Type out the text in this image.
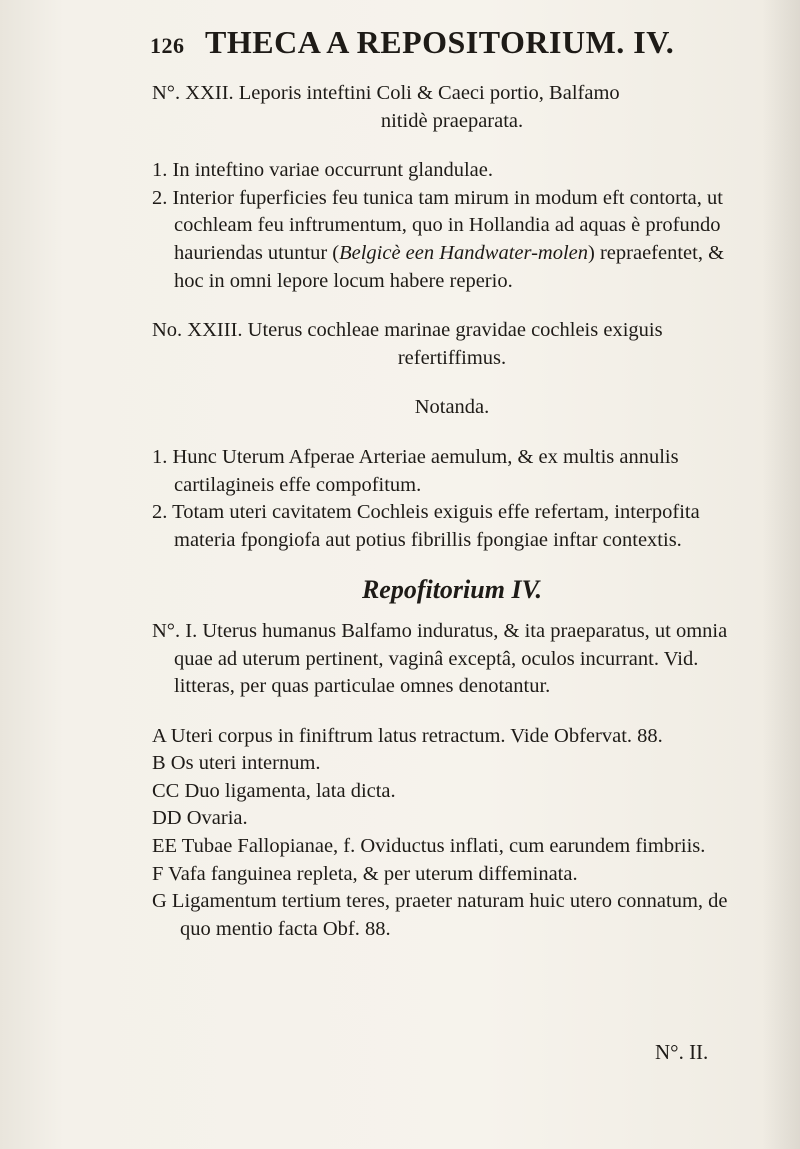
126 THECA A REPOSITORIUM. IV.

N°. XXII. Leporis inteftini Coli & Caeci portio, Balfamo

nitidè praeparata.

1. In inteftino variae occurrunt glandulae.

2. Interior fuperficies feu tunica tam mirum in modum eft contorta, ut cochleam feu inftrumentum, quo in Hollandia ad aquas è profundo hauriendas utuntur (Belgicè een Handwater-molen) repraefentet, & hoc in omni lepore locum habere reperio.

No. XXIII. Uterus cochleae marinae gravidae cochleis exiguis

refertiffimus.

Notanda.

1. Hunc Uterum Afperae Arteriae aemulum, & ex multis annulis cartilagineis effe compofitum.

2. Totam uteri cavitatem Cochleis exiguis effe refertam, interpofita materia fpongiofa aut potius fibrillis fpongiae inftar contextis.

Repofitorium IV.

N°. I. Uterus humanus Balfamo induratus, & ita praeparatus, ut omnia quae ad uterum pertinent, vaginâ exceptâ, oculos incurrant. Vid. litteras, per quas particulae omnes denotantur.

A Uteri corpus in finiftrum latus retractum. Vide Obfervat. 88.

B Os uteri internum.

CC Duo ligamenta, lata dicta.

DD Ovaria.

EE Tubae Fallopianae, f. Oviductus inflati, cum earundem fimbriis.

F Vafa fanguinea repleta, & per uterum diffeminata.

G Ligamentum tertium teres, praeter naturam huic utero connatum, de quo mentio facta Obf. 88.

N°. II.
